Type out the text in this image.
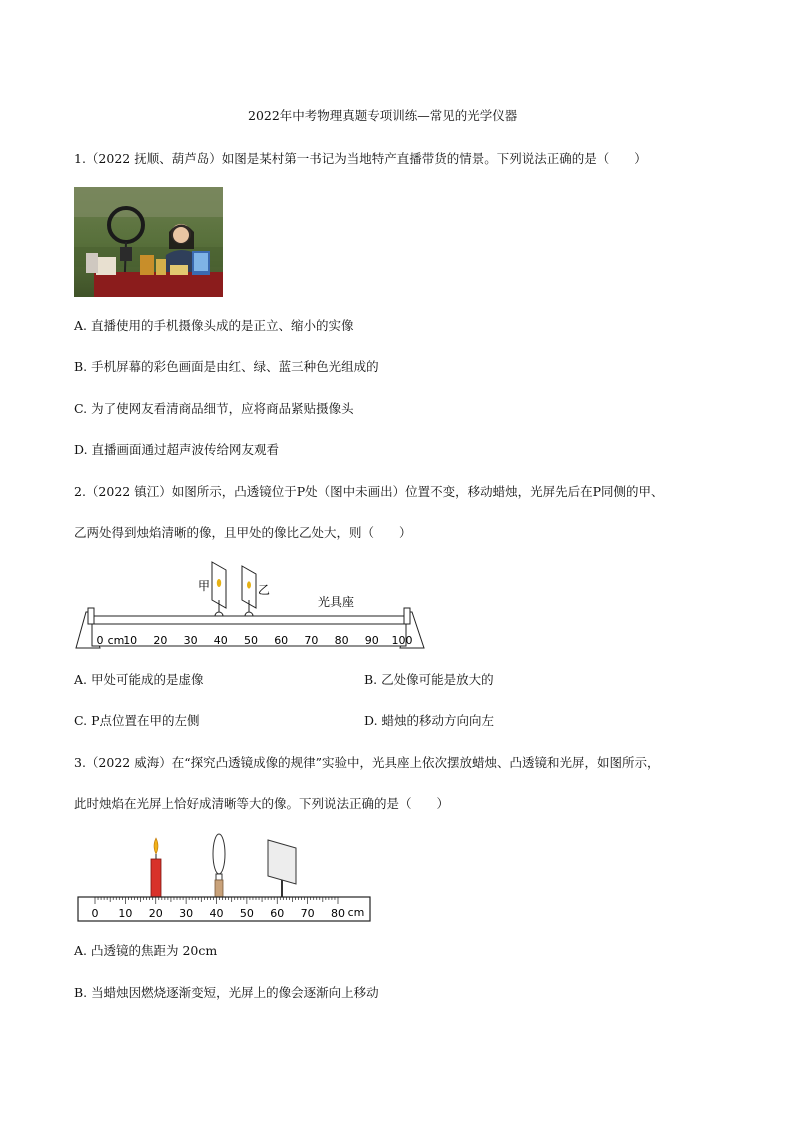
2022年中考物理真题专项训练—常见的光学仪器
1.（2022 抚顺、葫芦岛）如图是某村第一书记为当地特产直播带货的情景。下列说法正确的是（　　）
A. 直播使用的手机摄像头成的是正立、缩小的实像
B. 手机屏幕的彩色画面是由红、绿、蓝三种色光组成的
C. 为了使网友看清商品细节，应将商品紧贴摄像头
D. 直播画面通过超声波传给网友观看
2.（2022 镇江）如图所示，凸透镜位于P处（图中未画出）位置不变，移动蜡烛，光屏先后在P同侧的甲、
乙两处得到烛焰清晰的像，且甲处的像比乙处大，则（　　）
甲	乙
光具座
0 10 20 30 40 50 60 70 80 90 100
cm
A. 甲处可能成的是虚像	B. 乙处像可能是放大的
C. P点位置在甲的左侧	D. 蜡烛的移动方向向左
3.（2022 威海）在“探究凸透镜成像的规律”实验中，光具座上依次摆放蜡烛、凸透镜和光屏，如图所示，
此时烛焰在光屏上恰好成清晰等大的像。下列说法正确的是（　　）
0 10 20 30 40 50 60 70 80 cm
A. 凸透镜的焦距为 20cm
B. 当蜡烛因燃烧逐渐变短，光屏上的像会逐渐向上移动
